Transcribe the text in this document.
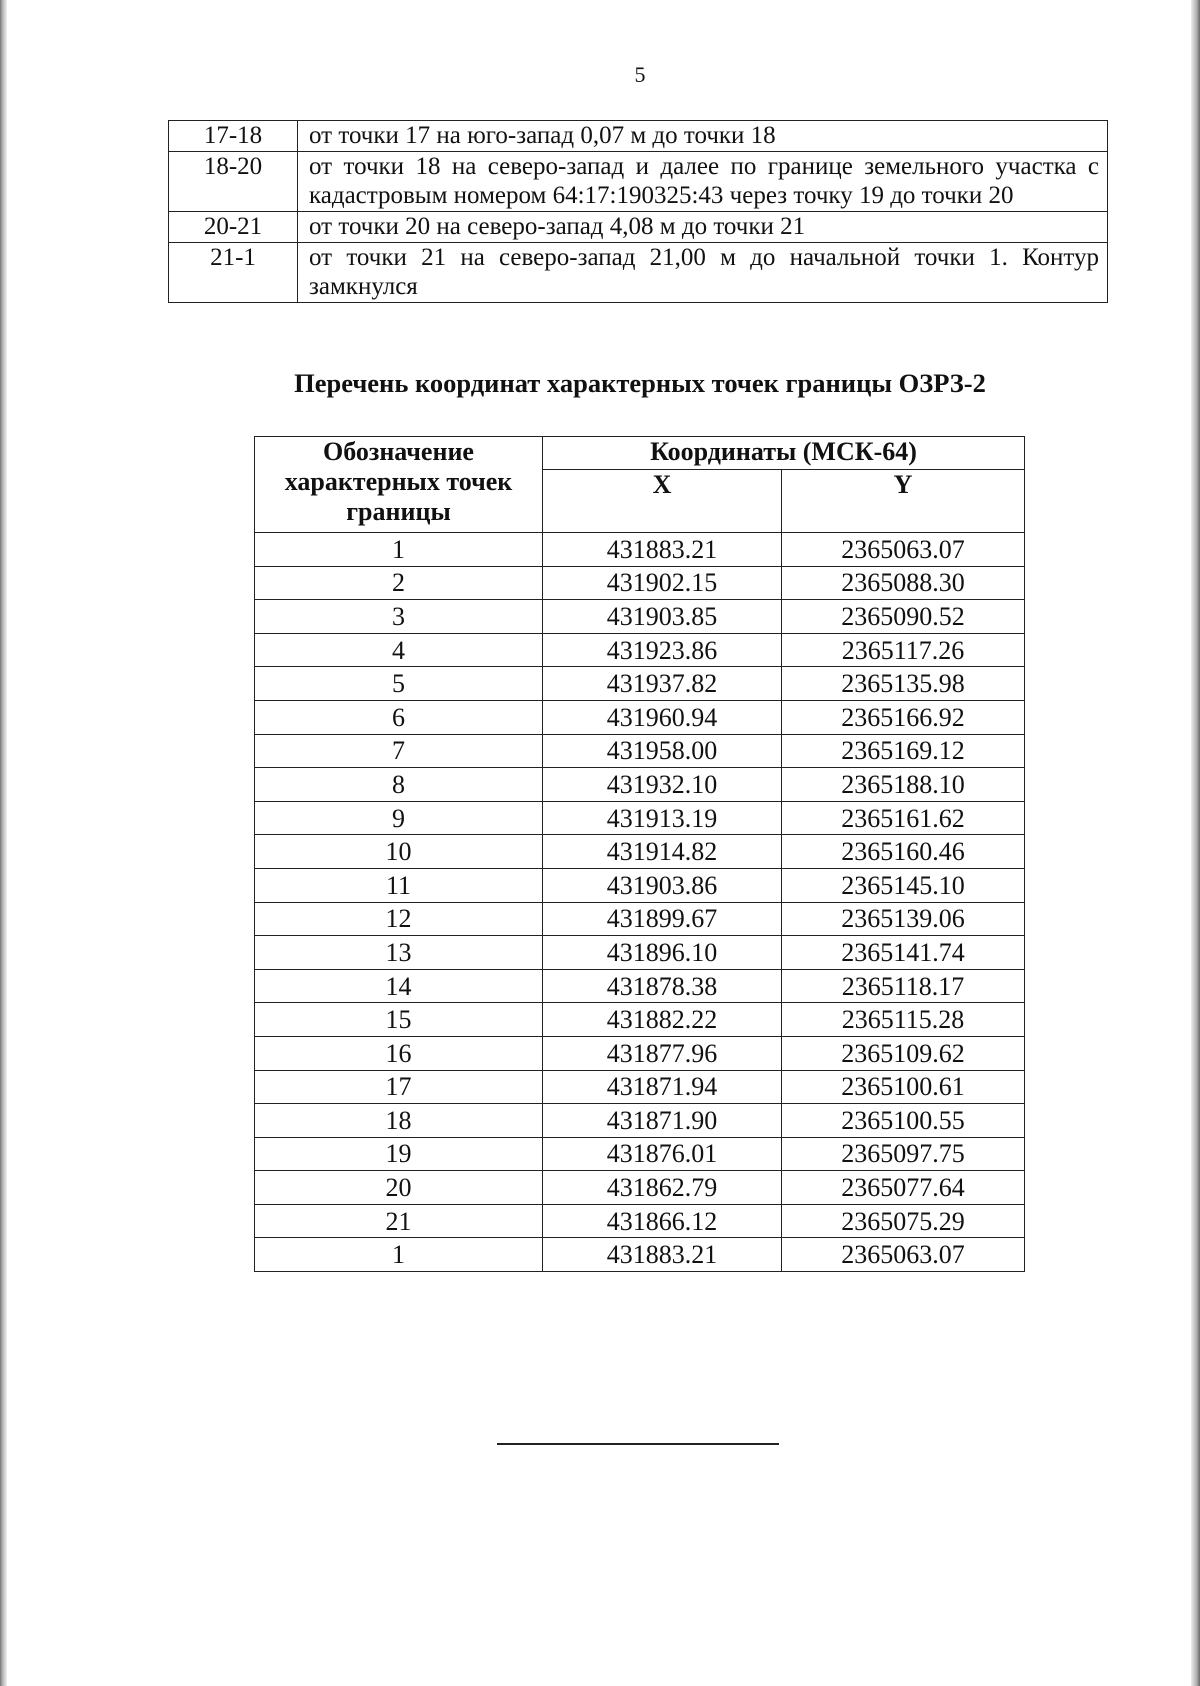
5
17-18	от точки 17 на юго-запад 0,07 м до точки 18
18-20	от точки 18 на северо-запад и далее по границе земельного участка с кадастровым номером 64:17:190325:43 через точку 19 до точки 20
20-21	от точки 20 на северо-запад 4,08 м до точки 21
21-1	от точки 21 на северо-запад 21,00 м до начальной точки 1. Контур замкнулся
Перечень координат характерных точек границы ОЗРЗ-2
Обозначение характерных точек границы	Координаты (МСК-64)	
	X	Y
1	431883.21	2365063.07
2	431902.15	2365088.30
3	431903.85	2365090.52
4	431923.86	2365117.26
5	431937.82	2365135.98
6	431960.94	2365166.92
7	431958.00	2365169.12
8	431932.10	2365188.10
9	431913.19	2365161.62
10	431914.82	2365160.46
11	431903.86	2365145.10
12	431899.67	2365139.06
13	431896.10	2365141.74
14	431878.38	2365118.17
15	431882.22	2365115.28
16	431877.96	2365109.62
17	431871.94	2365100.61
18	431871.90	2365100.55
19	431876.01	2365097.75
20	431862.79	2365077.64
21	431866.12	2365075.29
1	431883.21	2365063.07
